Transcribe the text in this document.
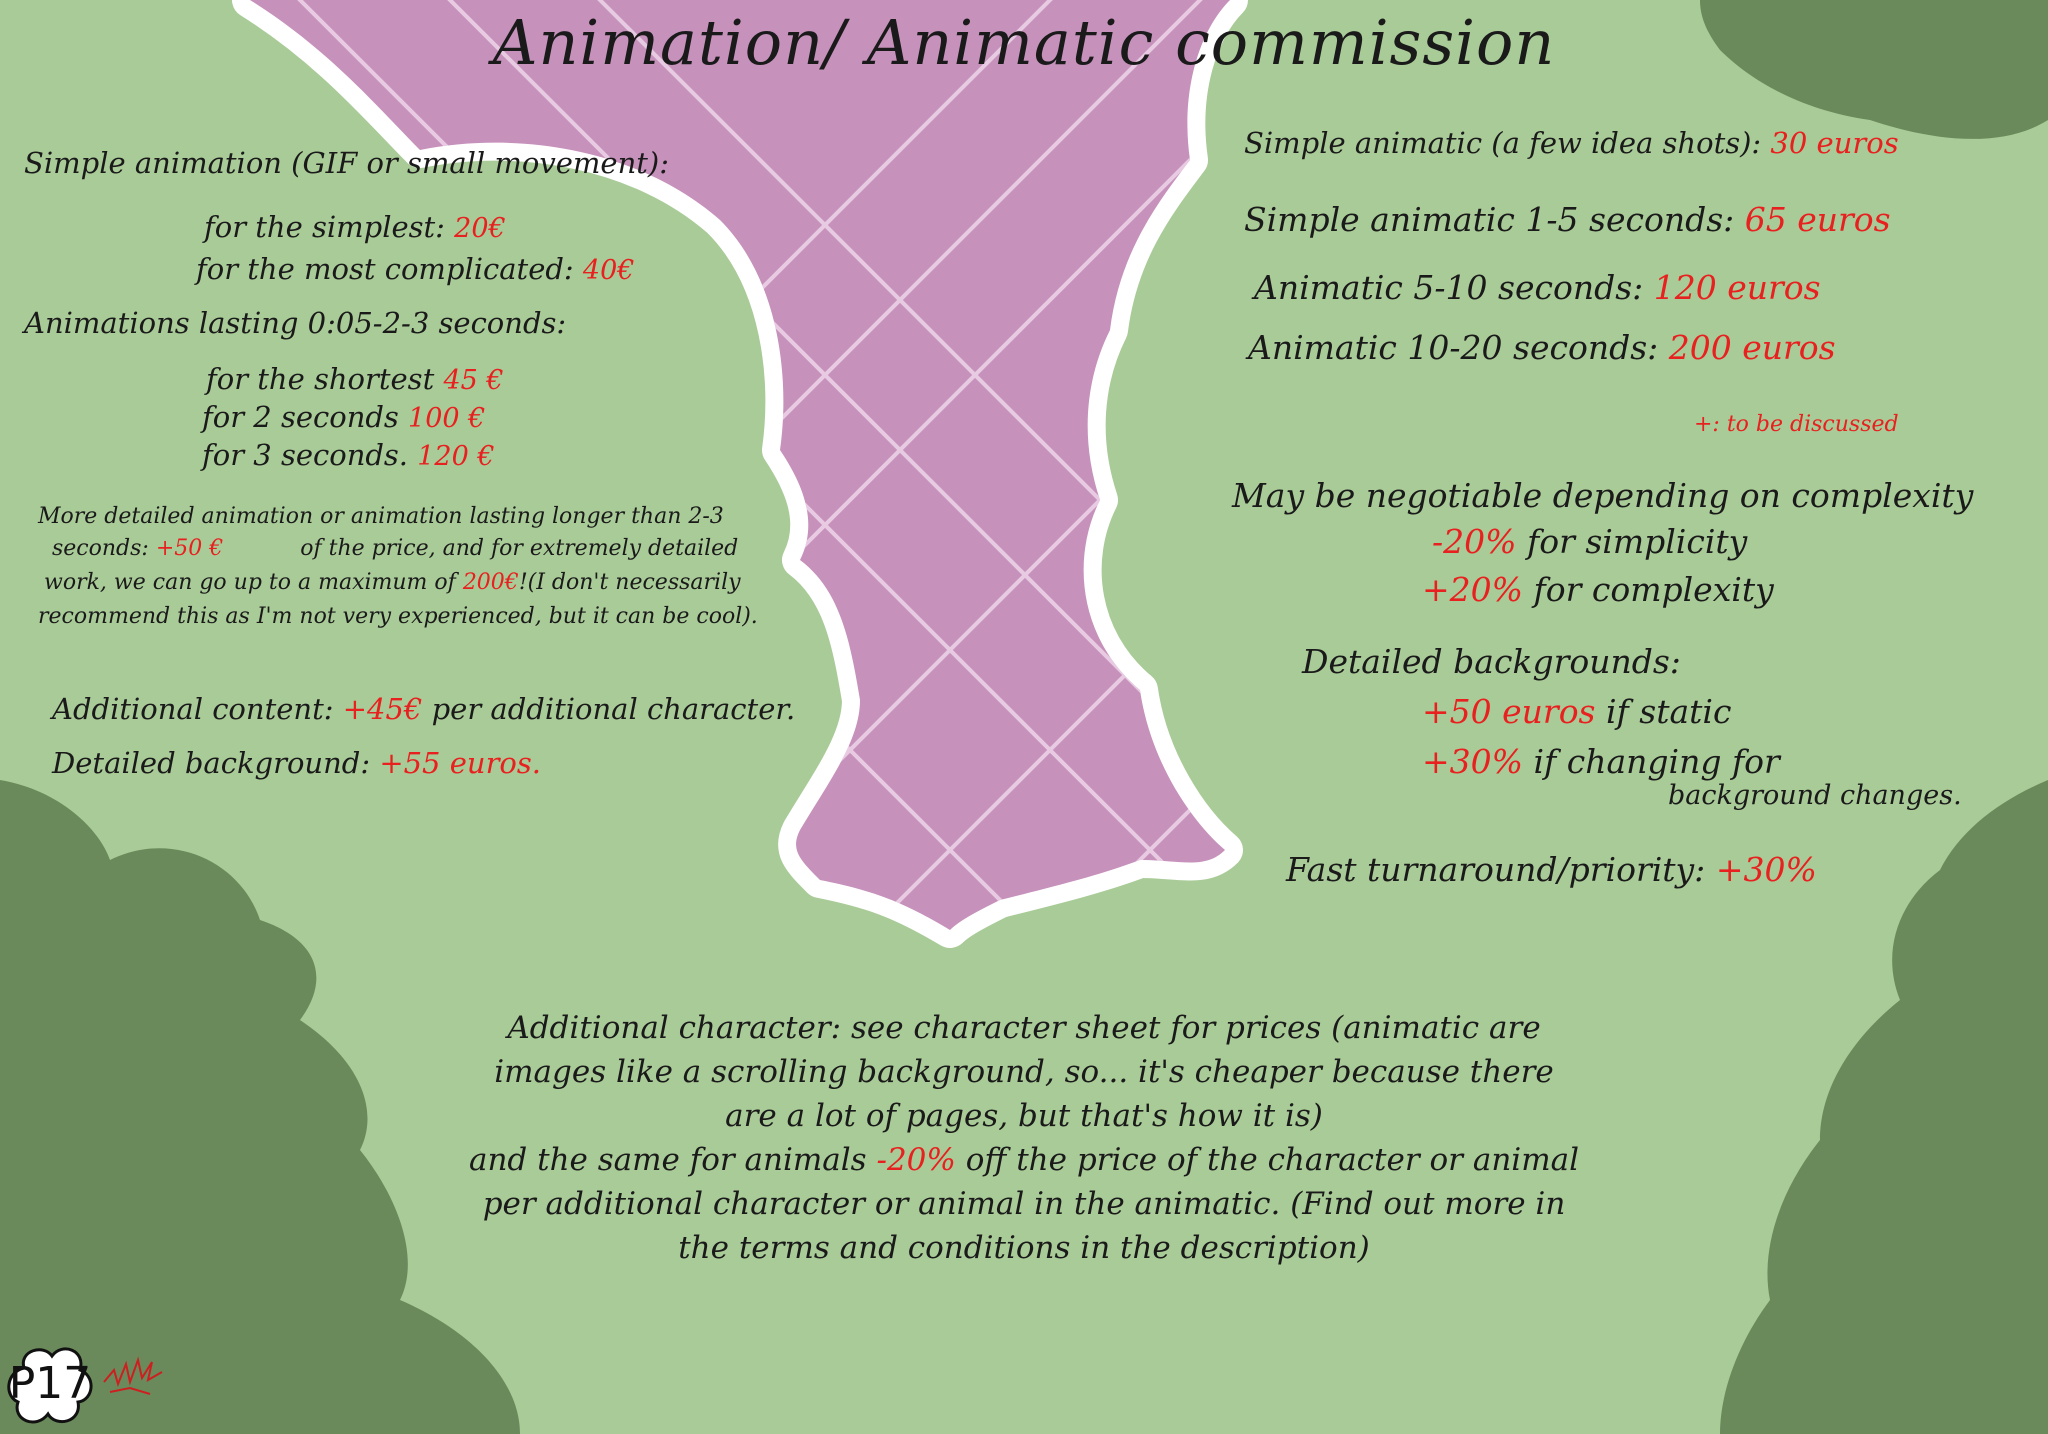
Animation/ Animatic commission
Simple animation (GIF or small movement):
for the simplest: 20€
for the most complicated: 40€
Animations lasting 0:05-2-3 seconds:
for the shortest 45 €
for 2 seconds 100 €
for 3 seconds. 120 €
More detailed animation or animation lasting longer than 2-3
seconds: +50 €	of the price, and for extremely detailed
work, we can go up to a maximum of 200€!(I don't necessarily
recommend this as I'm not very experienced, but it can be cool).
Additional content: +45€ per additional character.
Detailed background: +55 euros.
Simple animatic (a few idea shots): 30 euros
Simple animatic 1-5 seconds: 65 euros
Animatic 5-10 seconds: 120 euros
Animatic 10-20 seconds: 200 euros
+: to be discussed
May be negotiable depending on complexity
-20% for simplicity
+20% for complexity
Detailed backgrounds:
+50 euros if static
+30% if changing for
background changes.
Fast turnaround/priority: +30%
Additional character: see character sheet for prices (animatic are
images like a scrolling background, so... it's cheaper because there
are a lot of pages, but that's how it is)
and the same for animals -20% off the price of the character or animal
per additional character or animal in the animatic. (Find out more in
the terms and conditions in the description)
P17
